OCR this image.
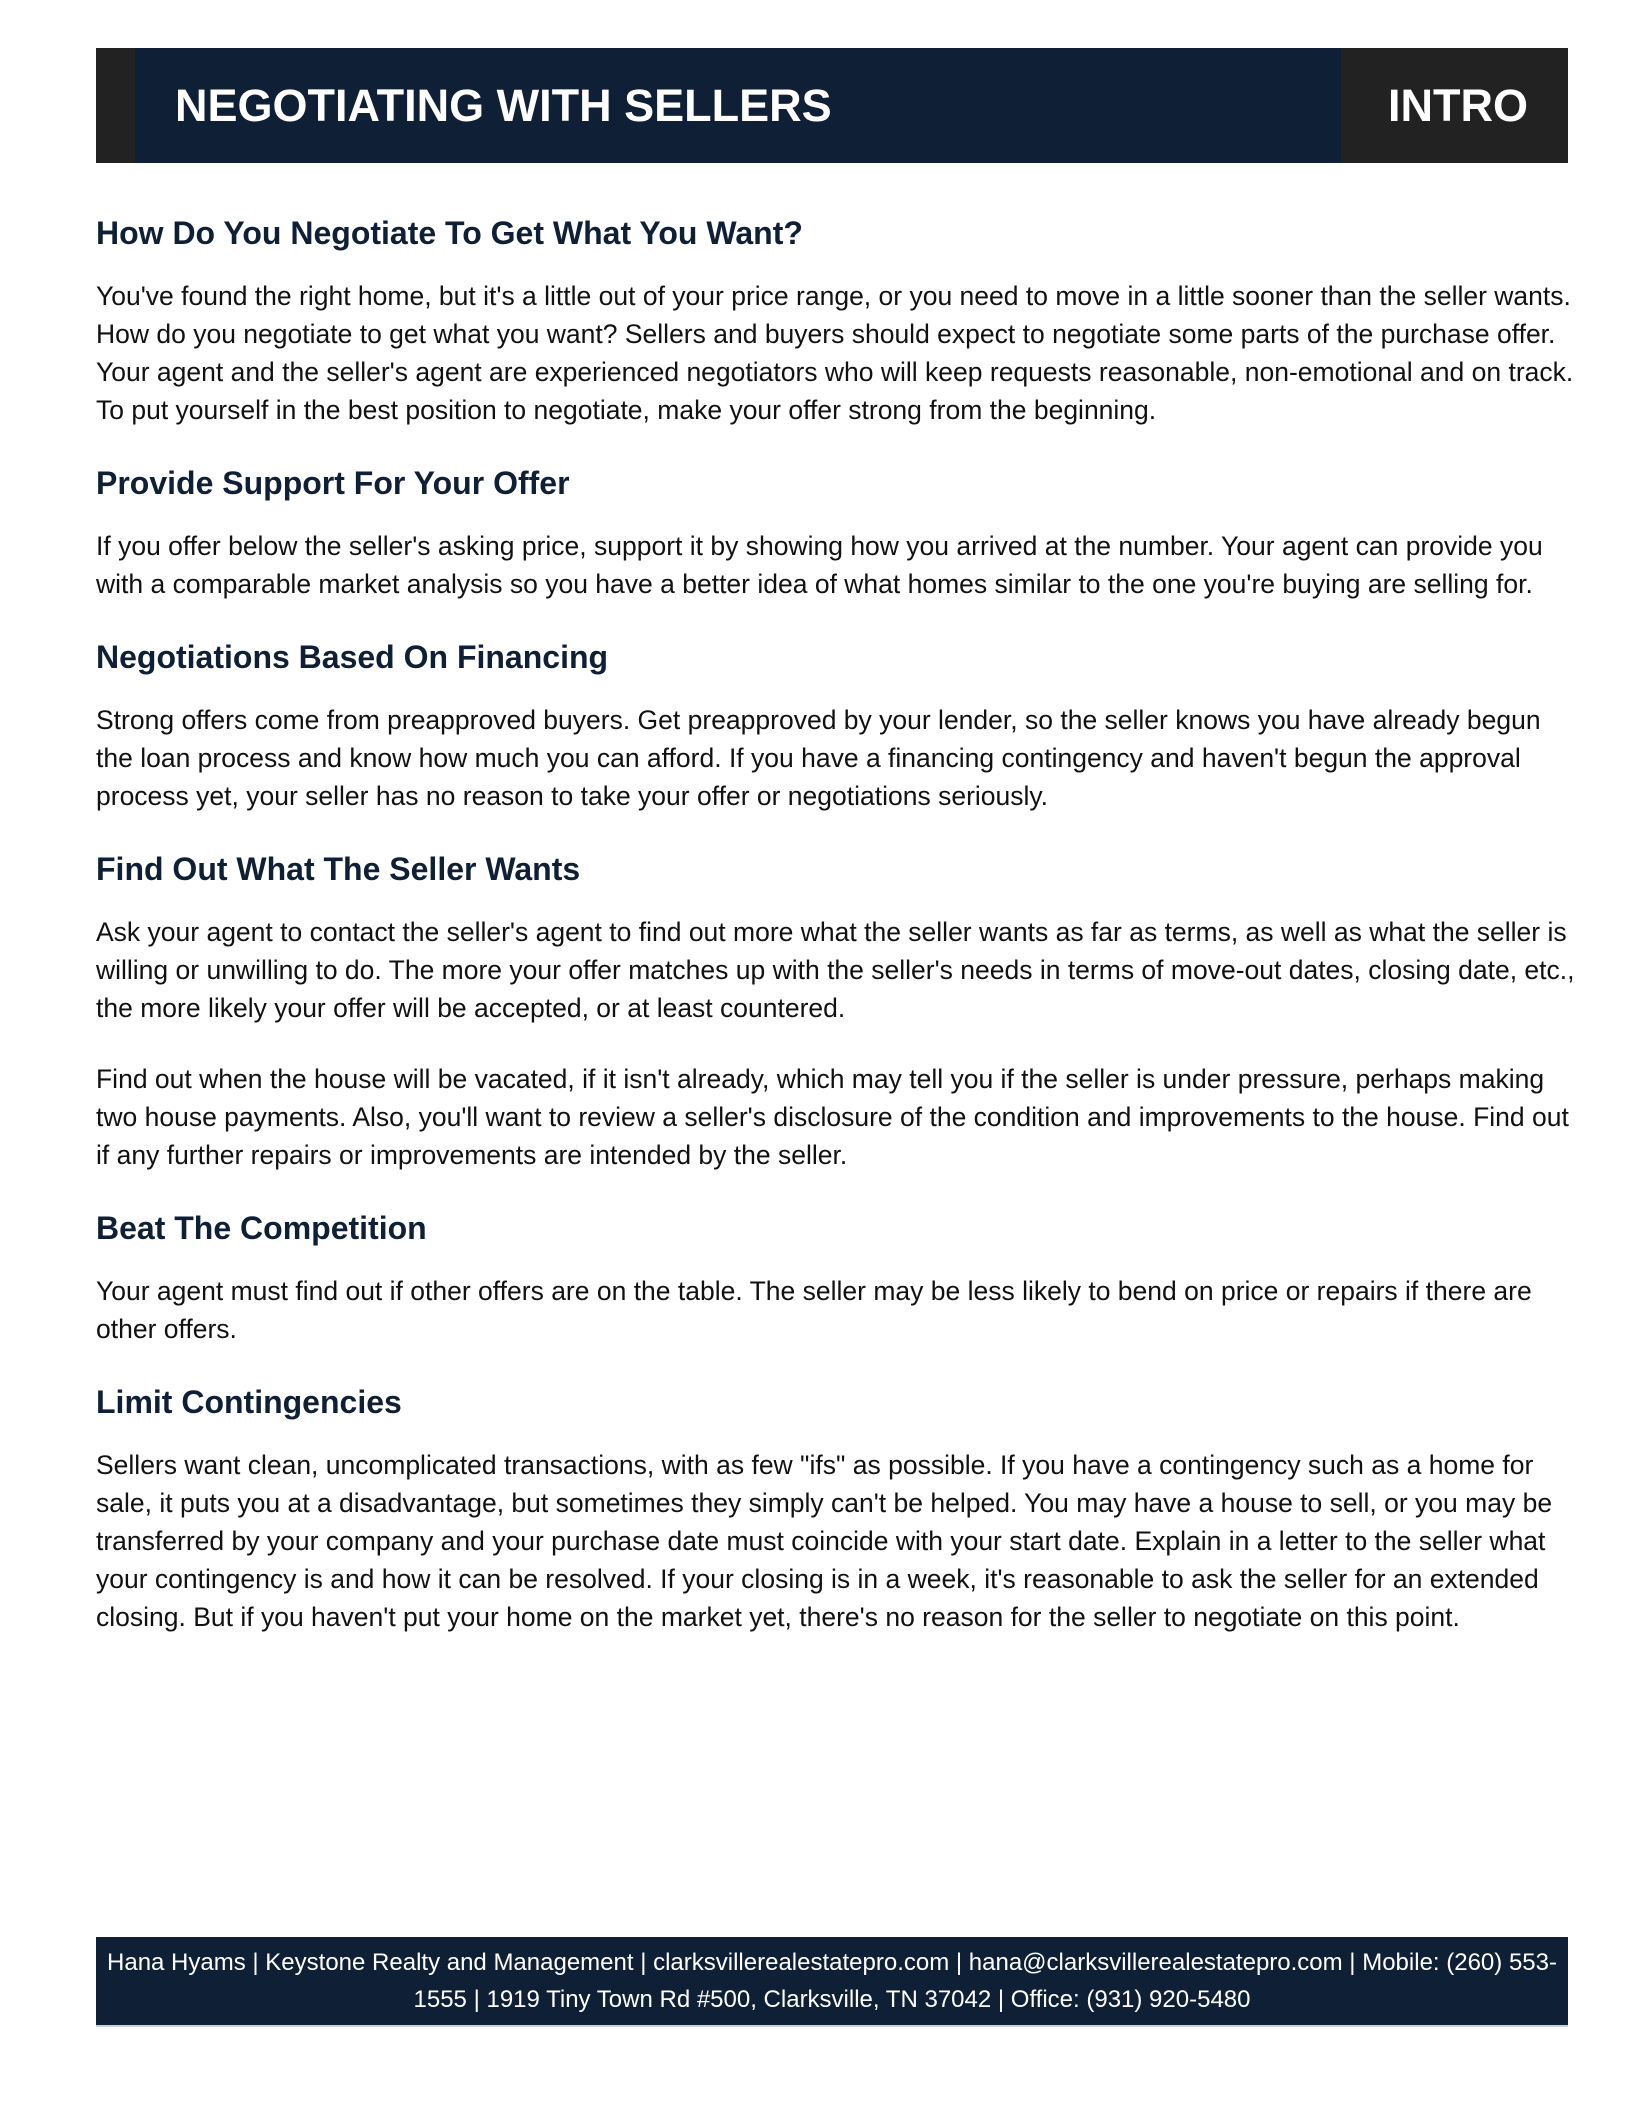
NEGOTIATING WITH SELLERS	INTRO
How Do You Negotiate To Get What You Want?

You've found the right home, but it's a little out of your price range, or you need to move in a little sooner than the seller wants. How do you negotiate to get what you want? Sellers and buyers should expect to negotiate some parts of the purchase offer. Your agent and the seller's agent are experienced negotiators who will keep requests reasonable, non-emotional and on track. To put yourself in the best position to negotiate, make your offer strong from the beginning.

Provide Support For Your Offer

If you offer below the seller's asking price, support it by showing how you arrived at the number. Your agent can provide you with a comparable market analysis so you have a better idea of what homes similar to the one you're buying are selling for.

Negotiations Based On Financing

Strong offers come from preapproved buyers. Get preapproved by your lender, so the seller knows you have already begun the loan process and know how much you can afford. If you have a financing contingency and haven't begun the approval process yet, your seller has no reason to take your offer or negotiations seriously.

Find Out What The Seller Wants

Ask your agent to contact the seller's agent to find out more what the seller wants as far as terms, as well as what the seller is willing or unwilling to do. The more your offer matches up with the seller's needs in terms of move-out dates, closing date, etc., the more likely your offer will be accepted, or at least countered.

Find out when the house will be vacated, if it isn't already, which may tell you if the seller is under pressure, perhaps making two house payments. Also, you'll want to review a seller's disclosure of the condition and improvements to the house. Find out if any further repairs or improvements are intended by the seller.

Beat The Competition

Your agent must find out if other offers are on the table. The seller may be less likely to bend on price or repairs if there are other offers.

Limit Contingencies

Sellers want clean, uncomplicated transactions, with as few "ifs" as possible. If you have a contingency such as a home for sale, it puts you at a disadvantage, but sometimes they simply can't be helped. You may have a house to sell, or you may be transferred by your company and your purchase date must coincide with your start date. Explain in a letter to the seller what your contingency is and how it can be resolved. If your closing is in a week, it's reasonable to ask the seller for an extended closing. But if you haven't put your home on the market yet, there's no reason for the seller to negotiate on this point.

Hana Hyams | Keystone Realty and Management | clarksvillerealestatepro.com | hana@clarksvillerealestatepro.com | Mobile: (260) 553-1555 | 1919 Tiny Town Rd #500, Clarksville, TN 37042 | Office: (931) 920-5480
